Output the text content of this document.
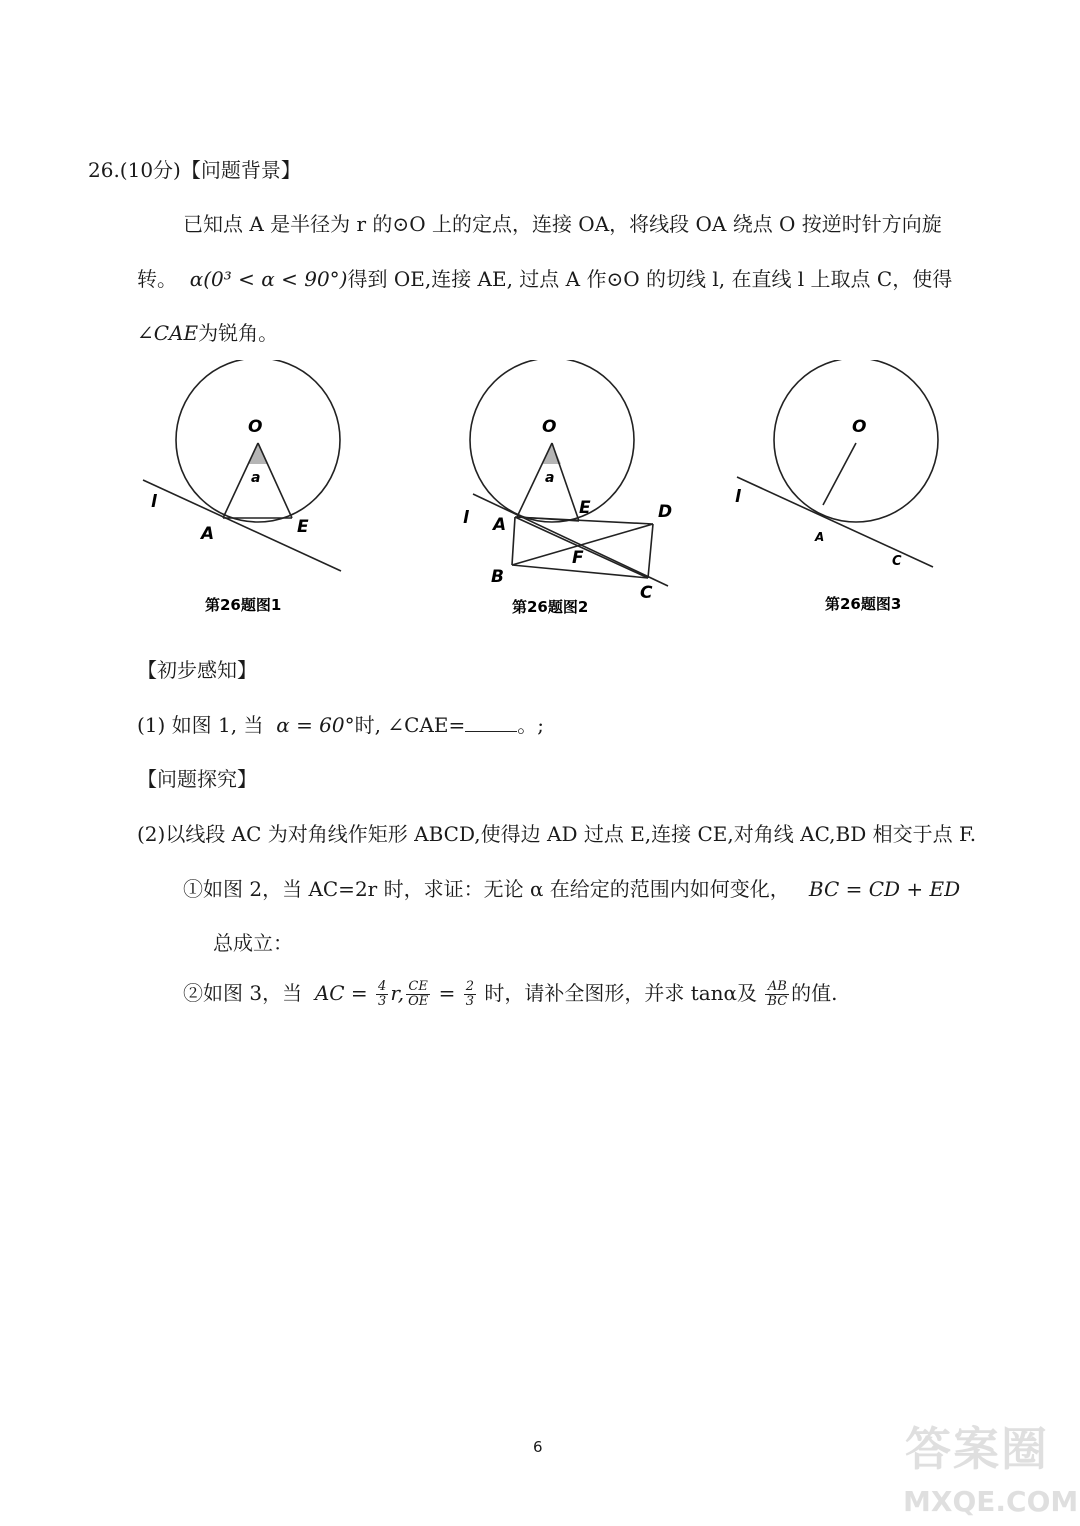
26.(10分)【问题背景】
已知点 A 是半径为 r 的⊙O 上的定点，连接 OA，将线段 OA 绕点 O 按逆时针方向旋
转。 α(0³ < α < 90°)得到 OE,连接 AE, 过点 A 作⊙O 的切线 l, 在直线 l 上取点 C，使得
∠CAE为锐角。
O
a
l
A	E
第26题图1
O
a
l A
E	D
F
B
C
第26题图2
O
l
A
C
第26题图3
【初步感知】
(1) 如图 1, 当 α = 60°时, ∠CAE=	。;
【问题探究】
(2)以线段 AC 为对角线作矩形 ABCD,使得边 AD 过点 E,连接 CE,对角线 AC,BD 相交于点 F.
①如图 2，当 AC=2r 时，求证：无论 α 在给定的范围内如何变化， BC = CD + ED
总成立：
②如图 3，当 AC = $\frac{4}{3} r$, $\frac{CE}{OE} = \frac{2}{3}$ 时，请补全图形，并求 tanα及 $\frac{AB}{BC}$ 的值.
6	答案圈
MXQE.COM
